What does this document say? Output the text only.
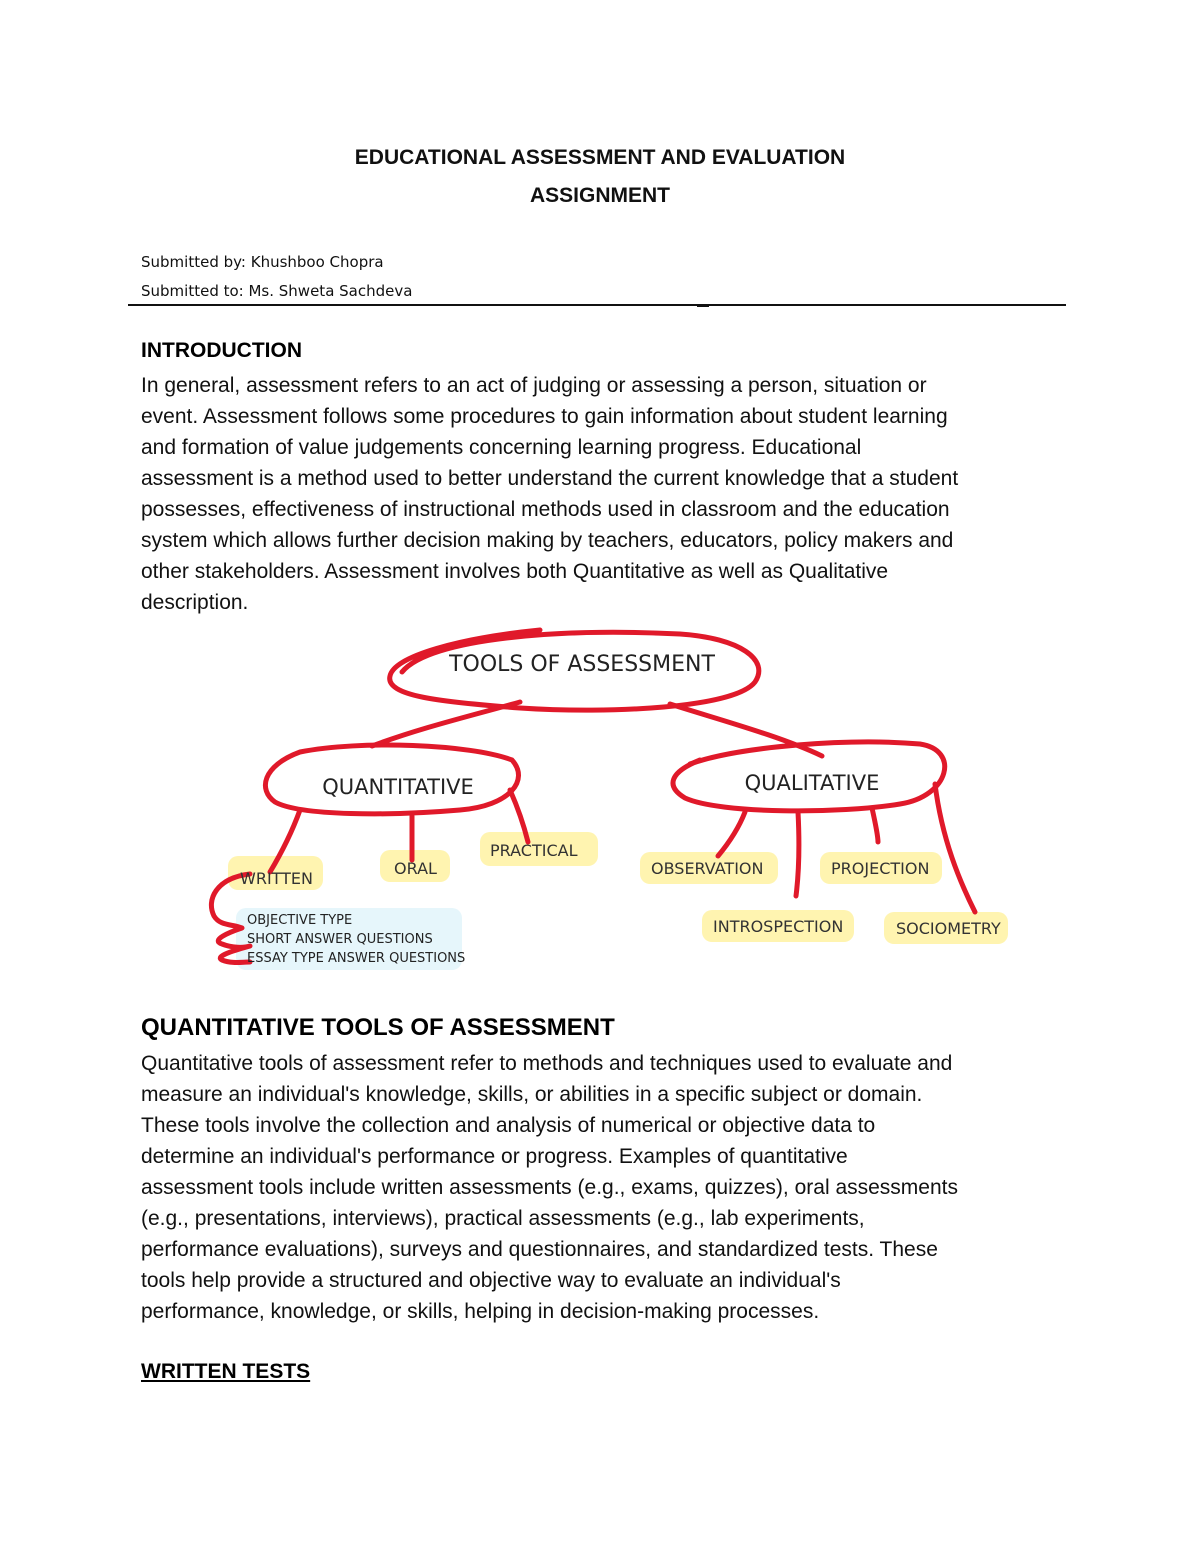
EDUCATIONAL ASSESSMENT AND EVALUATION
ASSIGNMENT
Submitted by: Khushboo Chopra
Submitted to: Ms. Shweta Sachdeva
INTRODUCTION
In general, assessment refers to an act of judging or assessing a person, situation or
event. Assessment follows some procedures to gain information about student learning
and formation of value judgements concerning learning progress. Educational
assessment is a method used to better understand the current knowledge that a student
possesses, effectiveness of instructional methods used in classroom and the education
system which allows further decision making by teachers, educators, policy makers and
other stakeholders. Assessment involves both Quantitative as well as Qualitative
description.
TOOLS OF ASSESSMENT
QUANTITATIVE	QUALITATIVE
WRITTEN
ORAL
PRACTICAL
OBSERVATION	PROJECTION
INTROSPECTION	SOCIOMETRY
OBJECTIVE TYPE
SHORT ANSWER QUESTIONS
ESSAY TYPE ANSWER QUESTIONS
QUANTITATIVE TOOLS OF ASSESSMENT
Quantitative tools of assessment refer to methods and techniques used to evaluate and
measure an individual's knowledge, skills, or abilities in a specific subject or domain.
These tools involve the collection and analysis of numerical or objective data to
determine an individual's performance or progress. Examples of quantitative
assessment tools include written assessments (e.g., exams, quizzes), oral assessments
(e.g., presentations, interviews), practical assessments (e.g., lab experiments,
performance evaluations), surveys and questionnaires, and standardized tests. These
tools help provide a structured and objective way to evaluate an individual's
performance, knowledge, or skills, helping in decision-making processes.
WRITTEN TESTS
